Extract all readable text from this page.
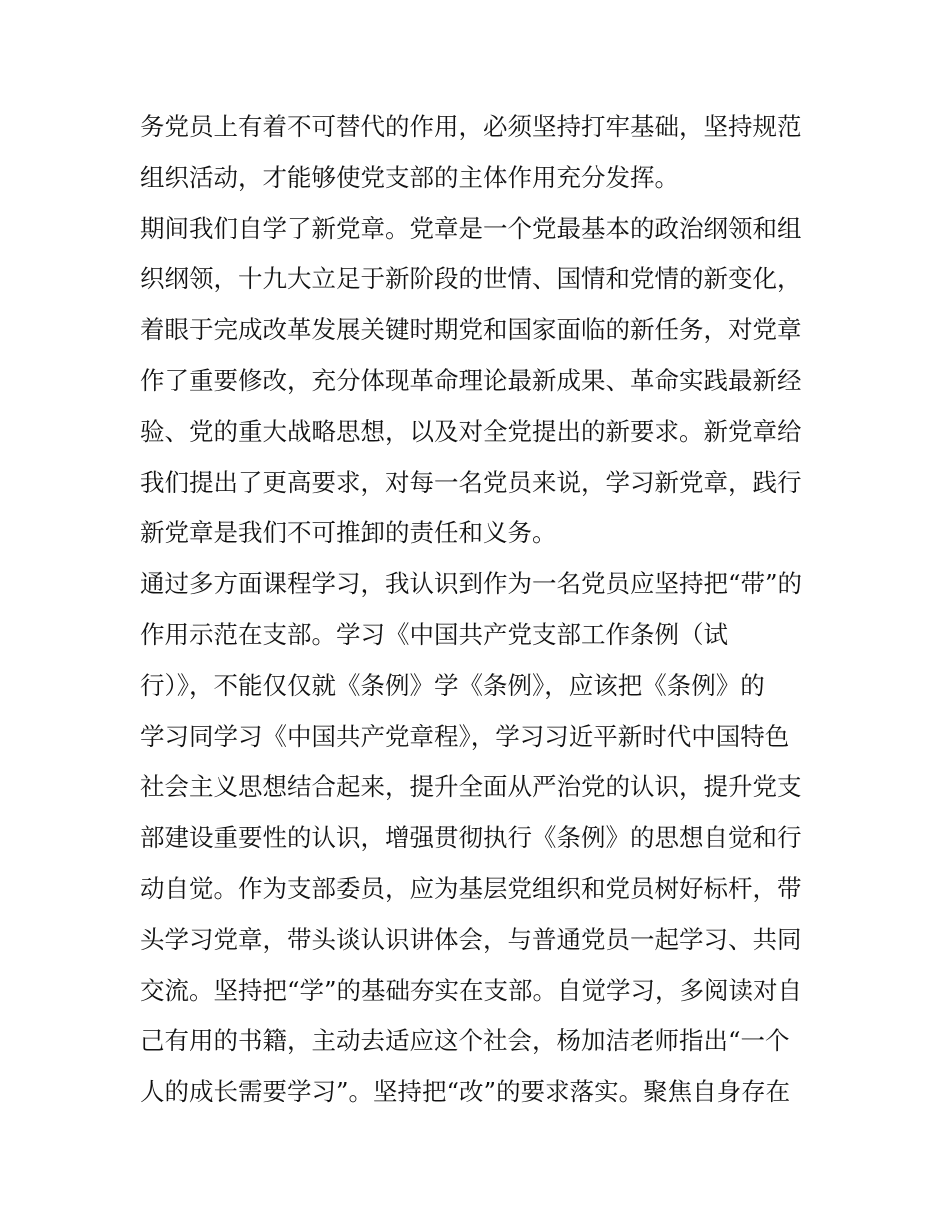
务党员上有着不可替代的作用，必须坚持打牢基础，坚持规范
组织活动，才能够使党支部的主体作用充分发挥。
期间我们自学了新党章。党章是一个党最基本的政治纲领和组
织纲领，十九大立足于新阶段的世情、国情和党情的新变化，
着眼于完成改革发展关键时期党和国家面临的新任务，对党章
作了重要修改，充分体现革命理论最新成果、革命实践最新经
验、党的重大战略思想，以及对全党提出的新要求。新党章给
我们提出了更高要求，对每一名党员来说，学习新党章，践行
新党章是我们不可推卸的责任和义务。
通过多方面课程学习，我认识到作为一名党员应坚持把“带”的
作用示范在支部。学习《中国共产党支部工作条例（试
行）》，不能仅仅就《条例》学《条例》，应该把《条例》的
学习同学习《中国共产党章程》，学习习近平新时代中国特色
社会主义思想结合起来，提升全面从严治党的认识，提升党支
部建设重要性的认识，增强贯彻执行《条例》的思想自觉和行
动自觉。作为支部委员，应为基层党组织和党员树好标杆，带
头学习党章，带头谈认识讲体会，与普通党员一起学习、共同
交流。坚持把“学”的基础夯实在支部。自觉学习，多阅读对自
己有用的书籍，主动去适应这个社会，杨加洁老师指出“一个
人的成长需要学习”。坚持把“改”的要求落实。聚焦自身存在
